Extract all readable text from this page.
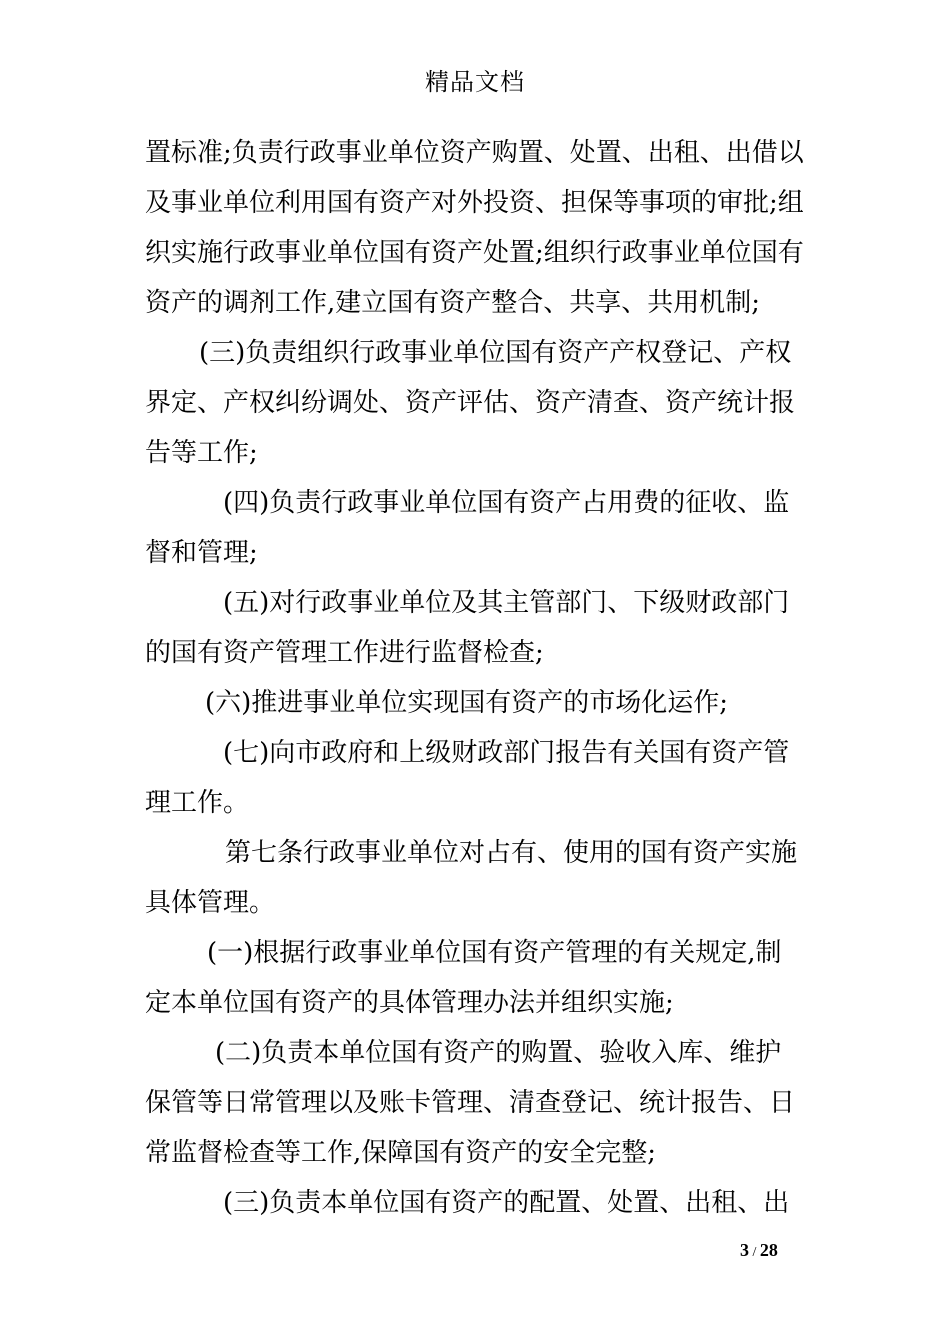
精品文档
置标准;负责行政事业单位资产购置、处置、出租、出借以
及事业单位利用国有资产对外投资、担保等事项的审批;组
织实施行政事业单位国有资产处置;组织行政事业单位国有
资产的调剂工作,建立国有资产整合、共享、共用机制;
(三)负责组织行政事业单位国有资产产权登记、产权
界定、产权纠纷调处、资产评估、资产清查、资产统计报
告等工作;
(四)负责行政事业单位国有资产占用费的征收、监
督和管理;
(五)对行政事业单位及其主管部门、下级财政部门
的国有资产管理工作进行监督检查;
(六)推进事业单位实现国有资产的市场化运作;
(七)向市政府和上级财政部门报告有关国有资产管
理工作。
第七条行政事业单位对占有、使用的国有资产实施
具体管理。
(一)根据行政事业单位国有资产管理的有关规定,制
定本单位国有资产的具体管理办法并组织实施;
(二)负责本单位国有资产的购置、验收入库、维护
保管等日常管理以及账卡管理、清查登记、统计报告、日
常监督检查等工作,保障国有资产的安全完整;
(三)负责本单位国有资产的配置、处置、出租、出
3 / 28
